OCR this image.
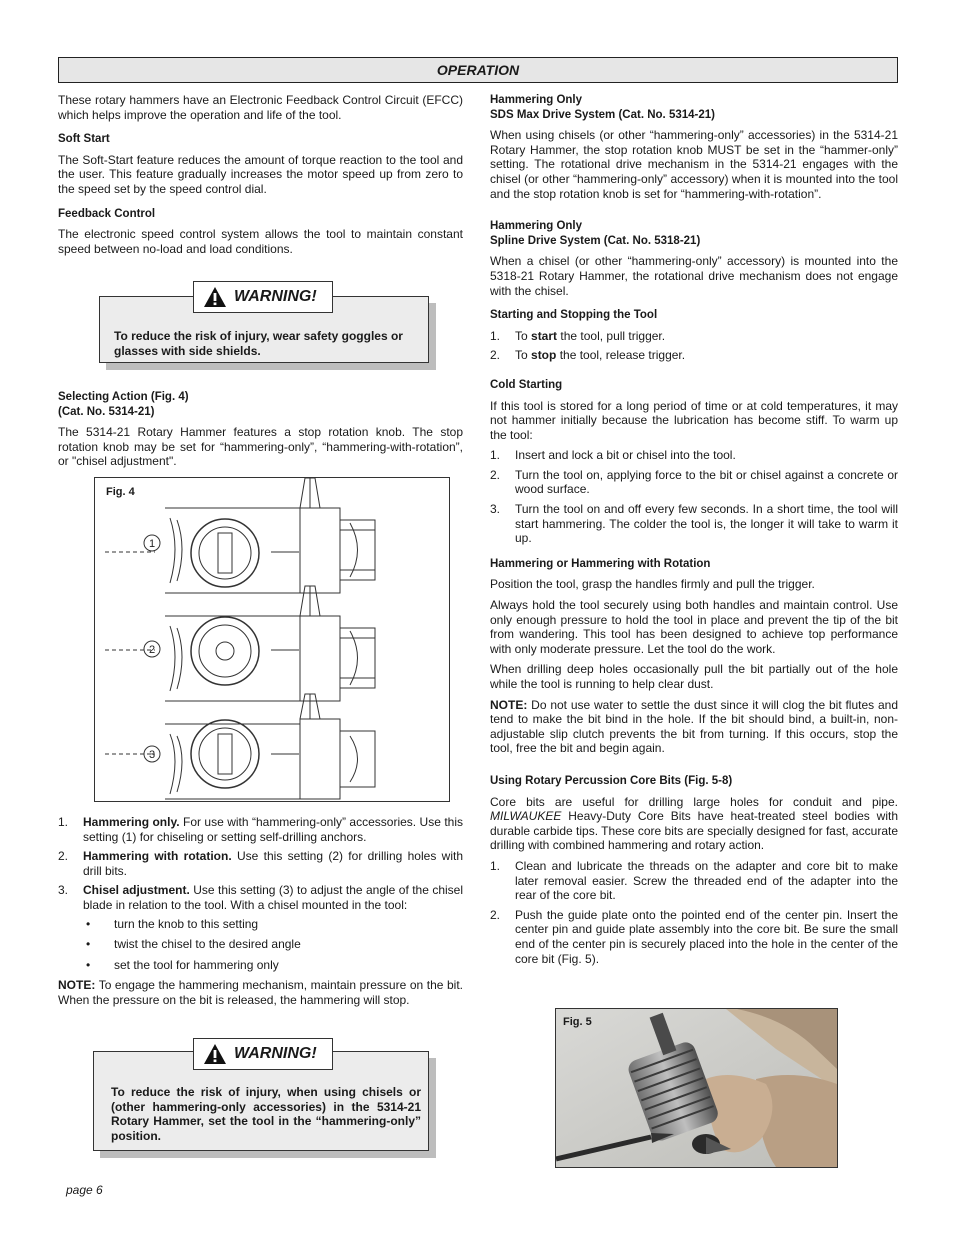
OPERATION

These rotary hammers have an Electronic Feedback Control Circuit (EFCC) which helps improve the operation and life of the tool.

Soft Start

The Soft-Start feature reduces the amount of torque reaction to the tool and the user. This feature gradually increases the motor speed up from zero to the speed set by the speed control dial.

Feedback Control

The electronic speed control system allows the tool to maintain constant speed between no-load and load conditions.

To reduce the risk of injury, wear safety goggles or glasses with side shields.
WARNING!
Selecting Action (Fig. 4)
(Cat. No. 5314-21)

The 5314-21 Rotary Hammer features a stop rotation knob. The stop rotation knob may be set for “hammering-only”, “hammering-with-rotation”, or "chisel adjustment".

Fig. 4
1
2
3
1. Hammering only. For use with “hammering-only” accessories. Use this setting (1) for chiseling or setting self-drilling anchors.
2. Hammering with rotation. Use this setting (2) for drilling holes with drill bits.
3. Chisel adjustment. Use this setting (3) to adjust the angle of the chisel blade in relation to the tool. With a chisel mounted in the tool:
• turn the knob to this setting
• twist the chisel to the desired angle
• set the tool for hammering only

NOTE: To engage the hammering mechanism, maintain pressure on the bit. When the pressure on the bit is released, the hammering will stop.

To reduce the risk of injury, when using chisels or (other hammering-only accessories) in the 5314-21 Rotary Hammer, set the tool in the “hammering-only” position.
WARNING!
Hammering Only
SDS Max Drive System (Cat. No. 5314-21)

When using chisels (or other “hammering-only” accessories) in the 5314-21 Rotary Hammer, the stop rotation knob MUST be set in the “hammer-only” setting. The rotational drive mechanism in the 5314-21 engages with the chisel (or other “hammering-only” accessory) when it is mounted into the tool and the stop rotation knob is set for “hammering-with-rotation”.

Hammering Only
Spline Drive System (Cat. No. 5318-21)

When a chisel (or other “hammering-only” accessory) is mounted into the 5318-21 Rotary Hammer, the rotational drive mechanism does not engage with the chisel.

Starting and Stopping the Tool
1. To start the tool, pull trigger.
2. To stop the tool, release trigger.
Cold Starting

If this tool is stored for a long period of time or at cold temperatures, it may not hammer initially because the lubrication has become stiff. To warm up the tool:

1. Insert and lock a bit or chisel into the tool.
2. Turn the tool on, applying force to the bit or chisel against a concrete or wood surface.
3. Turn the tool on and off every few seconds. In a short time, the tool will start hammering. The colder the tool is, the longer it will take to warm it up.
Hammering or Hammering with Rotation

Position the tool, grasp the handles firmly and pull the trigger.

Always hold the tool securely using both handles and maintain control. Use only enough pressure to hold the tool in place and prevent the tip of the bit from wandering. This tool has been designed to achieve top performance with only moderate pressure. Let the tool do the work.

When drilling deep holes occasionally pull the bit partially out of the hole while the tool is running to help clear dust.

NOTE: Do not use water to settle the dust since it will clog the bit flutes and tend to make the bit bind in the hole. If the bit should bind, a built-in, non-adjustable slip clutch prevents the bit from turning. If this occurs, stop the tool, free the bit and begin again.

Using Rotary Percussion Core Bits (Fig. 5-8)

Core bits are useful for drilling large holes for conduit and pipe. MILWAUKEE Heavy-Duty Core Bits have heat-treated steel bodies with durable carbide tips. These core bits are specially designed for fast, accurate drilling with combined hammering and rotary action.

1. Clean and lubricate the threads on the adapter and core bit to make later removal easier. Screw the threaded end of the adapter into the rear of the core bit.
2. Push the guide plate onto the pointed end of the center pin. Insert the center pin and guide plate assembly into the core bit. Be sure the small end of the center pin is securely placed into the hole in the center of the core bit (Fig. 5).
Fig. 5
page 6
